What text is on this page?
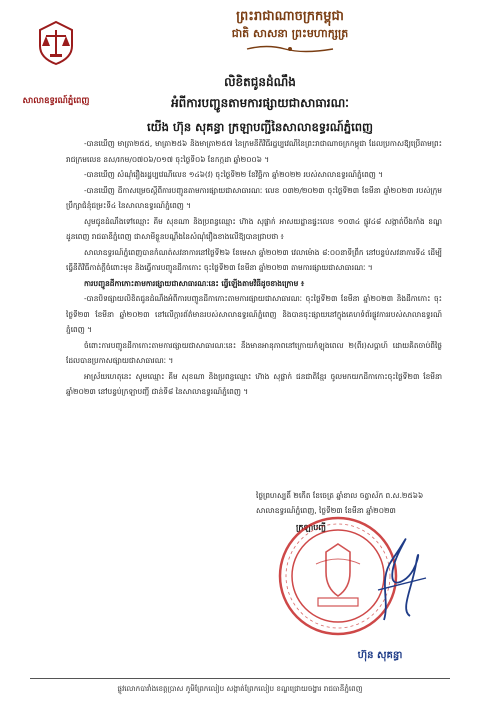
ព្រះរាជាណាចក្រកម្ពុជា
ជាតិ សាសនា ព្រះមហាក្សត្រ
សាលាឧទ្ធរណ៍ភ្នំពេញ
លិខិតជូនដំណឹង
អំពីការបញ្ជូនតាមការផ្សាយជាសាធារណៈ
យើង ហ៊ុន សុគន្ធា ក្រឡាបញ្ជីនៃសាលាឧទ្ធរណ៍ភ្នំពេញ

-បានឃើញ មាត្រា២៥៥, មាត្រា២៥៦ និងមាត្រា២៥៧ នៃក្រមនីតិវិធីរដ្ឋប្បវេណីនៃព្រះរាជាណាចក្រកម្ពុជា ដែលប្រកាសឱ្យប្រើតាមព្រះរាជក្រមលេខ នស/រកម/០៧០៦/០១៧ ចុះថ្ងៃទី០៦ ខែកក្កដា ឆ្នាំ២០០៦ ។

-បានឃើញ សំណុំរឿងរដ្ឋប្បវេណីលេខ ១៤៦(វ) ចុះថ្ងៃទី២២ ខែវិច្ឆិកា ឆ្នាំ២០២២ របស់សាលាឧទ្ធរណ៍ភ្នំពេញ ។

-បានឃើញ ដីកាសម្រេចស្ដីពីការបញ្ជូនតាមការផ្សាយជាសាធារណៈ លេខ ០៣២/២០២៣ ចុះថ្ងៃទី២៣ ខែមីនា ឆ្នាំ២០២៣ របស់ក្រុមប្រឹក្សាជំនុំជម្រះទី៤ នៃសាលាឧទ្ធរណ៍ភ្នំពេញ ។

សូមជូនដំណឹងទៅឈ្មោះ គីម សុខណា និងប្រពន្ធឈ្មោះ ហ៊ាង សុផ្លាក់ អាសយដ្ឋានផ្ទះលេខ ១០៣៤ ផ្លូវ៤៨ សង្កាត់បឹងកាំង ខណ្ឌដូនពេញ រាជធានីភ្នំពេញ ជាសាមីខ្លួនបណ្ដឹងនៃសំណុំរឿងខាងលើឱ្យបានជ្រាបថា ៖

សាលាឧទ្ធរណ៍ភ្នំពេញបានកំណត់សវនាការនៅថ្ងៃទី២៦ ខែមេសា ឆ្នាំ២០២៣ វេលាម៉ោង ៨:០០នាទីព្រឹក នៅបន្ទប់សវនាការទី៤ ដើម្បីធ្វើនីតិវិធីកាត់ក្ដីចំពោះមុខ និងធ្វើការបញ្ជូនដីកាកោះ ចុះថ្ងៃទី២៣ ខែមីនា ឆ្នាំ២០២៣ តាមការផ្សាយជាសាធារណៈ ។

ការបញ្ជូនដីកាកោះតាមការផ្សាយជាសាធារណៈនេះ ធ្វើឡើងតាមវិធីដូចខាងក្រោម ៖

-បានបិទផ្សាយលិខិតជូនដំណឹងអំពីការបញ្ជូនដីកាកោះតាមការផ្សាយជាសាធារណៈ ចុះថ្ងៃទី២៣ ខែមីនា ឆ្នាំ២០២៣ និងដីកាកោះ ចុះថ្ងៃទី២៣ ខែមីនា ឆ្នាំ២០២៣ នៅលើក្ដារព័ត៌មានរបស់សាលាឧទ្ធរណ៍ភ្នំពេញ និងបានចុះផ្សាយនៅក្នុងគេហទំព័រផ្លូវការរបស់សាលាឧទ្ធរណ៍ភ្នំពេញ ។

ចំពោះការបញ្ជូនដីកាកោះតាមការផ្សាយជាសាធារណៈនេះ នឹងមានអានុភាពនៅក្រោយកំឡុងពេល ២(ពីរ)សប្ដាហ៍ ដោយគិតចាប់ពីថ្ងៃដែលបានប្រកាសផ្សាយជាសាធារណៈ ។

អាស្រ័យហេតុនេះ សូមឈ្មោះ គីម សុខណា និងប្រពន្ធឈ្មោះ ហ៊ាង សុផ្លាក់ ជនជាតិខ្មែរ ចូលមកយកដីកាកោះចុះថ្ងៃទី២៣ ខែមីនា ឆ្នាំ២០២៣ នៅបន្ទប់ក្រឡាបញ្ជី ជាន់ទី៨ នៃសាលាឧទ្ធរណ៍ភ្នំពេញ ។

ថ្ងៃព្រហស្បតិ៍ ២កើត ខែចេត្រ ឆ្នាំខាល ចត្វាស័ក ព.ស.២៥៦៦
សាលាឧទ្ធរណ៍ភ្នំពេញ, ថ្ងៃទី២៣ ខែមីនា ឆ្នាំ២០២៣
ក្រឡាបញ្ជី
ហ៊ុន សុគន្ធា
ផ្លូវលោកបារាំងខេត្តប្រាស ភូមិព្រែកលៀប សង្កាត់ព្រែកលៀប ខណ្ឌជ្រោយចង្វារ រាជធានីភ្នំពេញ
